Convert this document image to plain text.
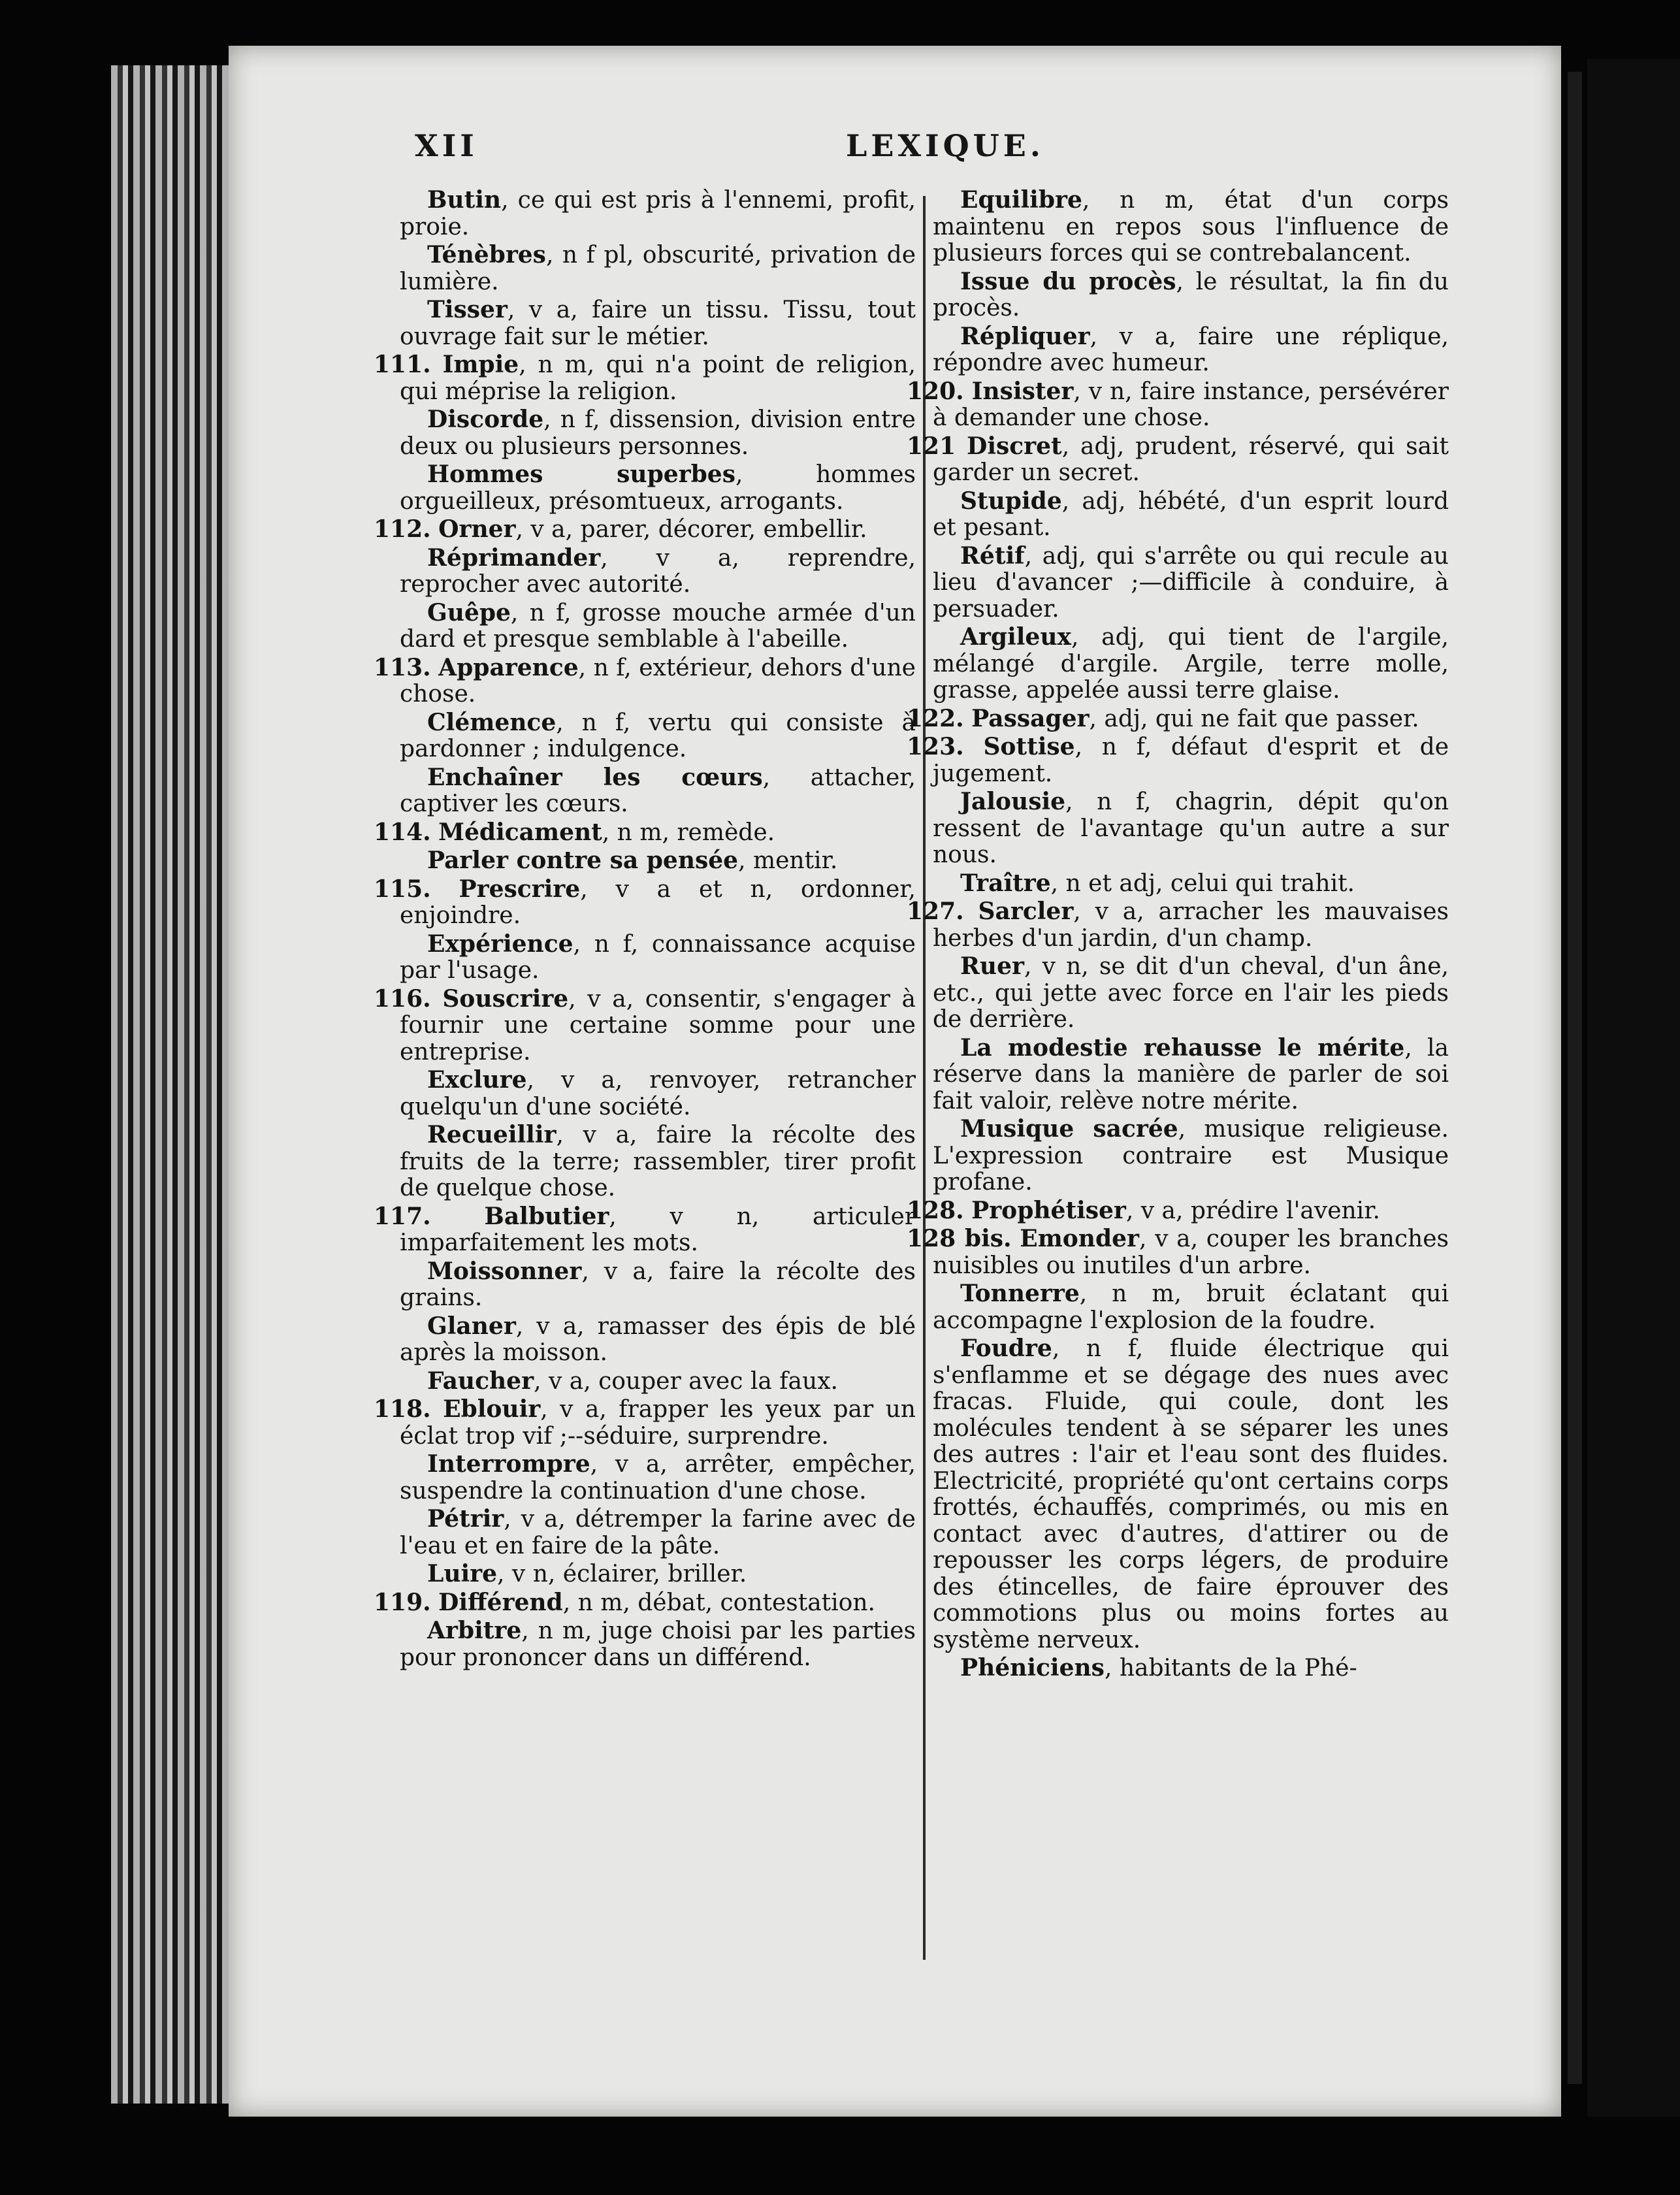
XII	LEXIQUE.

Butin, ce qui est pris à l'ennemi, profit, proie.

Ténèbres, n f pl, obscurité, privation de lumière.

Tisser, v a, faire un tissu. Tissu, tout ouvrage fait sur le métier.

111. Impie, n m, qui n'a point de religion, qui méprise la religion.

Discorde, n f, dissension, division entre deux ou plusieurs personnes.

Hommes superbes, hommes orgueilleux, présomtueux, arrogants.

112. Orner, v a, parer, décorer, embellir.

Réprimander, v a, reprendre, reprocher avec autorité.

Guêpe, n f, grosse mouche armée d'un dard et presque semblable à l'abeille.

113. Apparence, n f, extérieur, dehors d'une chose.

Clémence, n f, vertu qui consiste à pardonner ; indulgence.

Enchaîner les cœurs, attacher, captiver les cœurs.

114. Médicament, n m, remède.

Parler contre sa pensée, mentir.

115. Prescrire, v a et n, ordonner, enjoindre.

Expérience, n f, connaissance acquise par l'usage.

116. Souscrire, v a, consentir, s'engager à fournir une certaine somme pour une entreprise.

Exclure, v a, renvoyer, retrancher quelqu'un d'une société.

Recueillir, v a, faire la récolte des fruits de la terre; rassembler, tirer profit de quelque chose.

117. Balbutier, v n, articuler imparfaitement les mots.

Moissonner, v a, faire la récolte des grains.

Glaner, v a, ramasser des épis de blé après la moisson.

Faucher, v a, couper avec la faux.

118. Eblouir, v a, frapper les yeux par un éclat trop vif ;--séduire, surprendre.

Interrompre, v a, arrêter, empêcher, suspendre la continuation d'une chose.

Pétrir, v a, détremper la farine avec de l'eau et en faire de la pâte.

Luire, v n, éclairer, briller.

119. Différend, n m, débat, contestation.

Arbitre, n m, juge choisi par les parties pour prononcer dans un différend.

Equilibre, n m, état d'un corps maintenu en repos sous l'influence de plusieurs forces qui se contrebalancent.

Issue du procès, le résultat, la fin du procès.

Répliquer, v a, faire une réplique, répondre avec humeur.

120. Insister, v n, faire instance, persévérer à demander une chose.

121 Discret, adj, prudent, réservé, qui sait garder un secret.

Stupide, adj, hébété, d'un esprit lourd et pesant.

Rétif, adj, qui s'arrête ou qui recule au lieu d'avancer ;—difficile à conduire, à persuader.

Argileux, adj, qui tient de l'argile, mélangé d'argile. Argile, terre molle, grasse, appelée aussi terre glaise.

122. Passager, adj, qui ne fait que passer.

123. Sottise, n f, défaut d'esprit et de jugement.

Jalousie, n f, chagrin, dépit qu'on ressent de l'avantage qu'un autre a sur nous.

Traître, n et adj, celui qui trahit.

127. Sarcler, v a, arracher les mauvaises herbes d'un jardin, d'un champ.

Ruer, v n, se dit d'un cheval, d'un âne, etc., qui jette avec force en l'air les pieds de derrière.

La modestie rehausse le mérite, la réserve dans la manière de parler de soi fait valoir, relève notre mérite.

Musique sacrée, musique religieuse. L'expression contraire est Musique profane.

128. Prophétiser, v a, prédire l'avenir.

128 bis. Emonder, v a, couper les branches nuisibles ou inutiles d'un arbre.

Tonnerre, n m, bruit éclatant qui accompagne l'explosion de la foudre.

Foudre, n f, fluide électrique qui s'enflamme et se dégage des nues avec fracas. Fluide, qui coule, dont les molécules tendent à se séparer les unes des autres : l'air et l'eau sont des fluides. Electricité, propriété qu'ont certains corps frottés, échauffés, comprimés, ou mis en contact avec d'autres, d'attirer ou de repousser les corps légers, de produire des étincelles, de faire éprouver des commotions plus ou moins fortes au système nerveux.

Phéniciens, habitants de la Phé-
